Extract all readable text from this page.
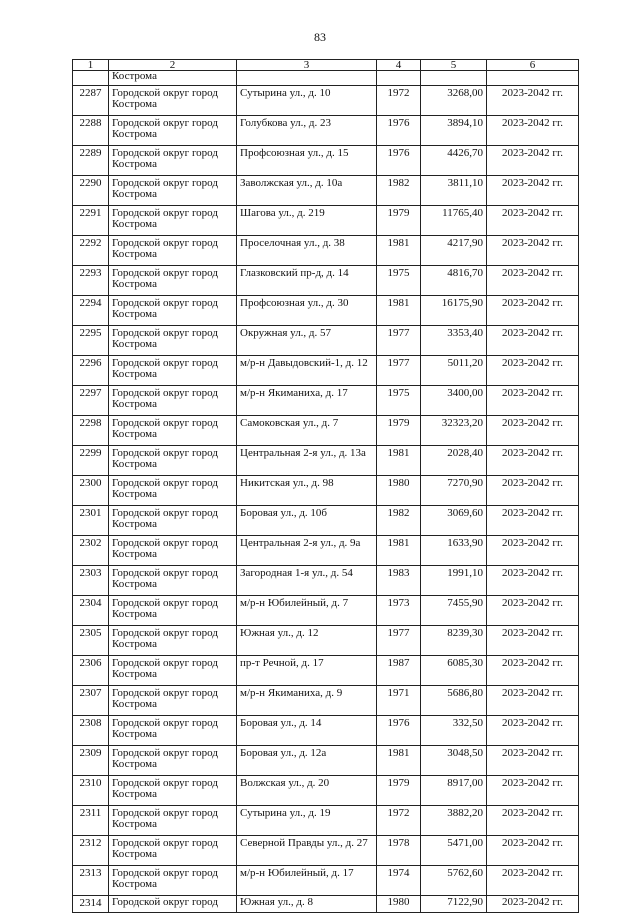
83
1	2	3	4	5	6
	Кострома				
2287	Городской округ город Кострома	Сутырина ул., д. 10	1972	3268,00	2023-2042 гг.
2288	Городской округ город Кострома	Голубкова ул., д. 23	1976	3894,10	2023-2042 гг.
2289	Городской округ город Кострома	Профсоюзная ул., д. 15	1976	4426,70	2023-2042 гг.
2290	Городской округ город Кострома	Заволжская ул., д. 10а	1982	3811,10	2023-2042 гг.
2291	Городской округ город Кострома	Шагова ул., д. 219	1979	11765,40	2023-2042 гг.
2292	Городской округ город Кострома	Проселочная ул., д. 38	1981	4217,90	2023-2042 гг.
2293	Городской округ город Кострома	Глазковский пр-д, д. 14	1975	4816,70	2023-2042 гг.
2294	Городской округ город Кострома	Профсоюзная ул., д. 30	1981	16175,90	2023-2042 гг.
2295	Городской округ город Кострома	Окружная ул., д. 57	1977	3353,40	2023-2042 гг.
2296	Городской округ город Кострома	м/р-н Давыдовский-1, д. 12	1977	5011,20	2023-2042 гг.
2297	Городской округ город Кострома	м/р-н Якиманиха, д. 17	1975	3400,00	2023-2042 гг.
2298	Городской округ город Кострома	Самоковская ул., д. 7	1979	32323,20	2023-2042 гг.
2299	Городской округ город Кострома	Центральная 2-я ул., д. 13а	1981	2028,40	2023-2042 гг.
2300	Городской округ город Кострома	Никитская ул., д. 98	1980	7270,90	2023-2042 гг.
2301	Городской округ город Кострома	Боровая ул., д. 10б	1982	3069,60	2023-2042 гг.
2302	Городской округ город Кострома	Центральная 2-я ул., д. 9а	1981	1633,90	2023-2042 гг.
2303	Городской округ город Кострома	Загородная 1-я ул., д. 54	1983	1991,10	2023-2042 гг.
2304	Городской округ город Кострома	м/р-н Юбилейный, д. 7	1973	7455,90	2023-2042 гг.
2305	Городской округ город Кострома	Южная ул., д. 12	1977	8239,30	2023-2042 гг.
2306	Городской округ город Кострома	пр-т Речной, д. 17	1987	6085,30	2023-2042 гг.
2307	Городской округ город Кострома	м/р-н Якиманиха, д. 9	1971	5686,80	2023-2042 гг.
2308	Городской округ город Кострома	Боровая ул., д. 14	1976	332,50	2023-2042 гг.
2309	Городской округ город Кострома	Боровая ул., д. 12а	1981	3048,50	2023-2042 гг.
2310	Городской округ город Кострома	Волжская ул., д. 20	1979	8917,00	2023-2042 гг.
2311	Городской округ город Кострома	Сутырина ул., д. 19	1972	3882,20	2023-2042 гг.
2312	Городской округ город Кострома	Северной Правды ул., д. 27	1978	5471,00	2023-2042 гг.
2313	Городской округ город Кострома	м/р-н Юбилейный, д. 17	1974	5762,60	2023-2042 гг.
2314	Городской округ город	Южная ул., д. 8	1980	7122,90	2023-2042 гг.
